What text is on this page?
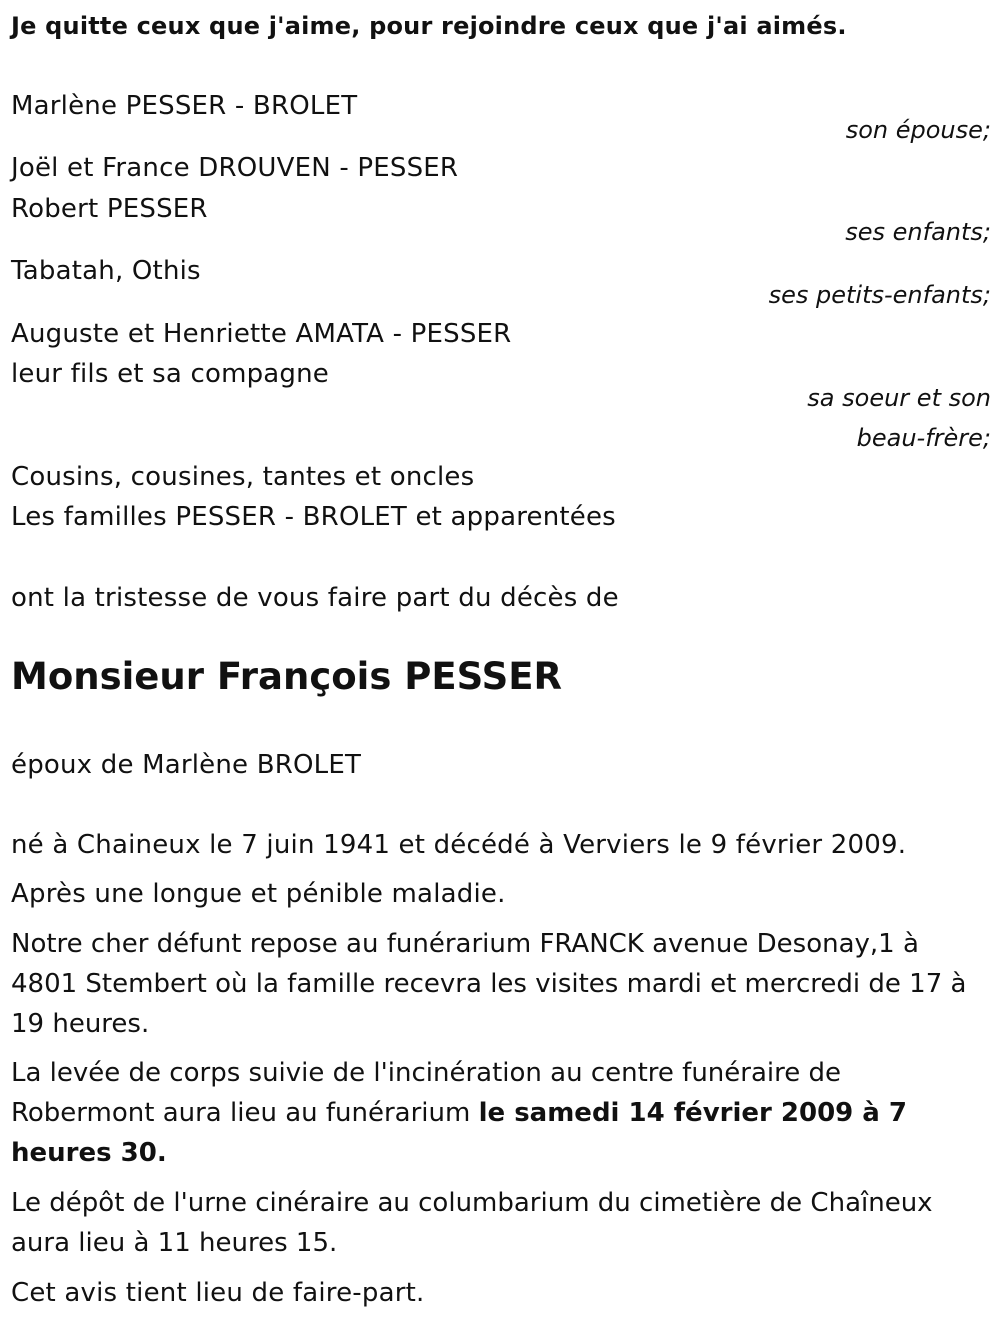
Je quitte ceux que j'aime, pour rejoindre ceux que j'ai aimés.
Marlène PESSER - BROLET
son épouse;
Joël et France DROUVEN - PESSER
Robert PESSER
ses enfants;
Tabatah, Othis
ses petits-enfants;
Auguste et Henriette AMATA - PESSER
leur fils et sa compagne
sa soeur et son
beau-frère;
Cousins, cousines, tantes et oncles
Les familles PESSER - BROLET et apparentées
ont la tristesse de vous faire part du décès de
Monsieur François PESSER
époux de Marlène BROLET
né à Chaineux le 7 juin 1941 et décédé à Verviers le 9 février 2009.
Après une longue et pénible maladie.
Notre cher défunt repose au funérarium FRANCK avenue Desonay,1 à 4801 Stembert où la famille recevra les visites mardi et mercredi de 17 à 19 heures.
La levée de corps suivie de l'incinération au centre funéraire de Robermont aura lieu au funérarium le samedi 14 février 2009 à 7 heures 30.
Le dépôt de l'urne cinéraire au columbarium du cimetière de Chaîneux aura lieu à 11 heures 15.
Cet avis tient lieu de faire-part.
